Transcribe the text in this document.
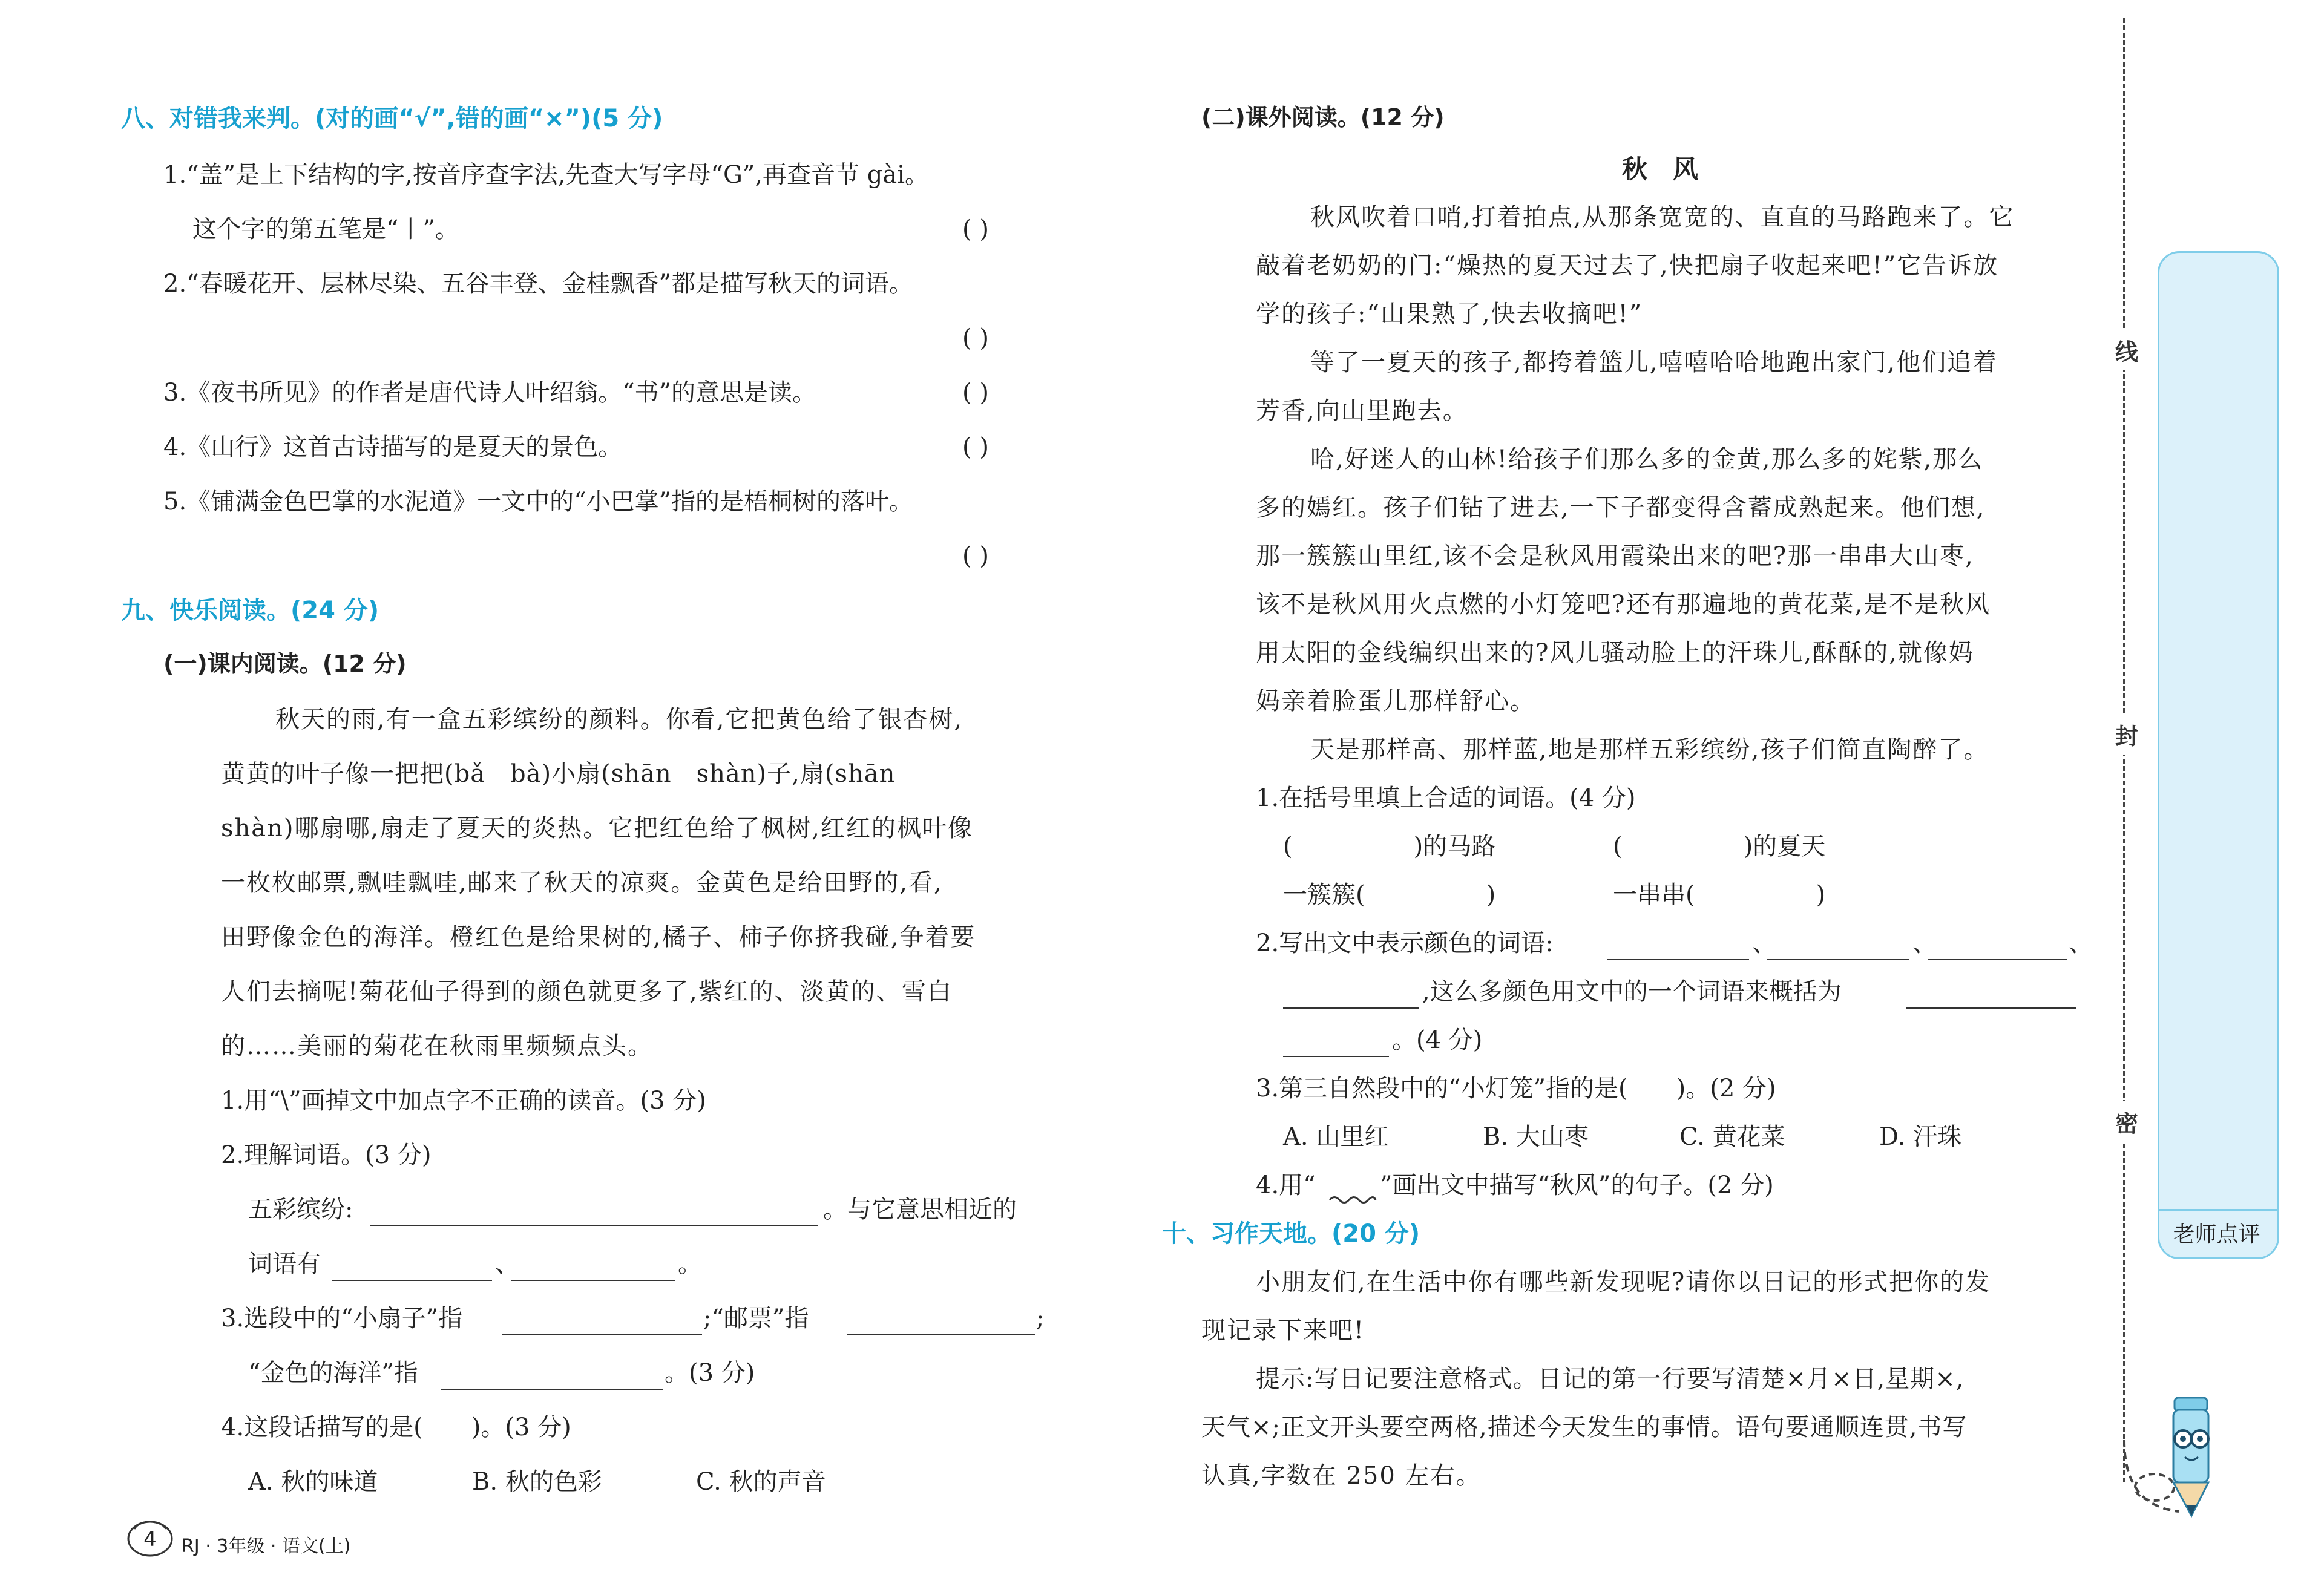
八、对错我来判。(对的画“√”,错的画“×”)(5 分)
1.“盖”是上下结构的字,按音序查字法,先查大写字母“G”,再查音节 gài。
这个字的第五笔是“丨”。	( )
2.“春暖花开、层林尽染、五谷丰登、金桂飘香”都是描写秋天的词语。
( )
3.《夜书所见》的作者是唐代诗人叶绍翁。“书”的意思是读。	( )
4.《山行》这首古诗描写的是夏天的景色。	( )
5.《铺满金色巴掌的水泥道》一文中的“小巴掌”指的是梧桐树的落叶。
( )
九、快乐阅读。(24 分)
(一)课内阅读。(12 分)
秋天的雨,有一盒五彩缤纷的颜料。你看,它把黄色给了银杏树,
黄黄的叶子像一把把(bǎ　bà)小扇(shān　shàn)子,扇(shān
shàn)哪扇哪,扇走了夏天的炎热。它把红色给了枫树,红红的枫叶像
一枚枚邮票,飘哇飘哇,邮来了秋天的凉爽。金黄色是给田野的,看,
田野像金色的海洋。橙红色是给果树的,橘子、柿子你挤我碰,争着要
人们去摘呢!菊花仙子得到的颜色就更多了,紫红的、淡黄的、雪白
的……美丽的菊花在秋雨里频频点头。
1.用“\”画掉文中加点字不正确的读音。(3 分)
2.理解词语。(3 分)
五彩缤纷:	。与它意思相近的
词语有	、	。
3.选段中的“小扇子”指	;“邮票”指	;
“金色的海洋”指	。(3 分)
4.这段话描写的是(　　)。(3 分)
A. 秋的味道	B. 秋的色彩	C. 秋的声音
4 RJ · 3年级 · 语文(上)
(二)课外阅读。(12 分)
秋　风
秋风吹着口哨,打着拍点,从那条宽宽的、直直的马路跑来了。它
敲着老奶奶的门:“燥热的夏天过去了,快把扇子收起来吧!”它告诉放
学的孩子:“山果熟了,快去收摘吧!”
等了一夏天的孩子,都挎着篮儿,嘻嘻哈哈地跑出家门,他们追着
芳香,向山里跑去。
哈,好迷人的山林!给孩子们那么多的金黄,那么多的姹紫,那么
多的嫣红。孩子们钻了进去,一下子都变得含蓄成熟起来。他们想,
那一簇簇山里红,该不会是秋风用霞染出来的吧?那一串串大山枣,
该不是秋风用火点燃的小灯笼吧?还有那遍地的黄花菜,是不是秋风
用太阳的金线编织出来的?风儿骚动脸上的汗珠儿,酥酥的,就像妈
妈亲着脸蛋儿那样舒心。
天是那样高、那样蓝,地是那样五彩缤纷,孩子们简直陶醉了。
1.在括号里填上合适的词语。(4 分)
(　　　　　)的马路	(　　　　　)的夏天
一簇簇(　　　　　)	一串串(　　　　　)
2.写出文中表示颜色的词语:	、	、	、
,这么多颜色用文中的一个词语来概括为
。(4 分)
3.第三自然段中的“小灯笼”指的是(　　)。(2 分)
A. 山里红	B. 大山枣	C. 黄花菜	D. 汗珠
4.用“	”画出文中描写“秋风”的句子。(2 分)
十、习作天地。(20 分)
小朋友们,在生活中你有哪些新发现呢?请你以日记的形式把你的发
现记录下来吧!
提示:写日记要注意格式。日记的第一行要写清楚×月×日,星期×,
天气×;正文开头要空两格,描述今天发生的事情。语句要通顺连贯,书写
认真,字数在 250 左右。
线
封
密
老师点评
